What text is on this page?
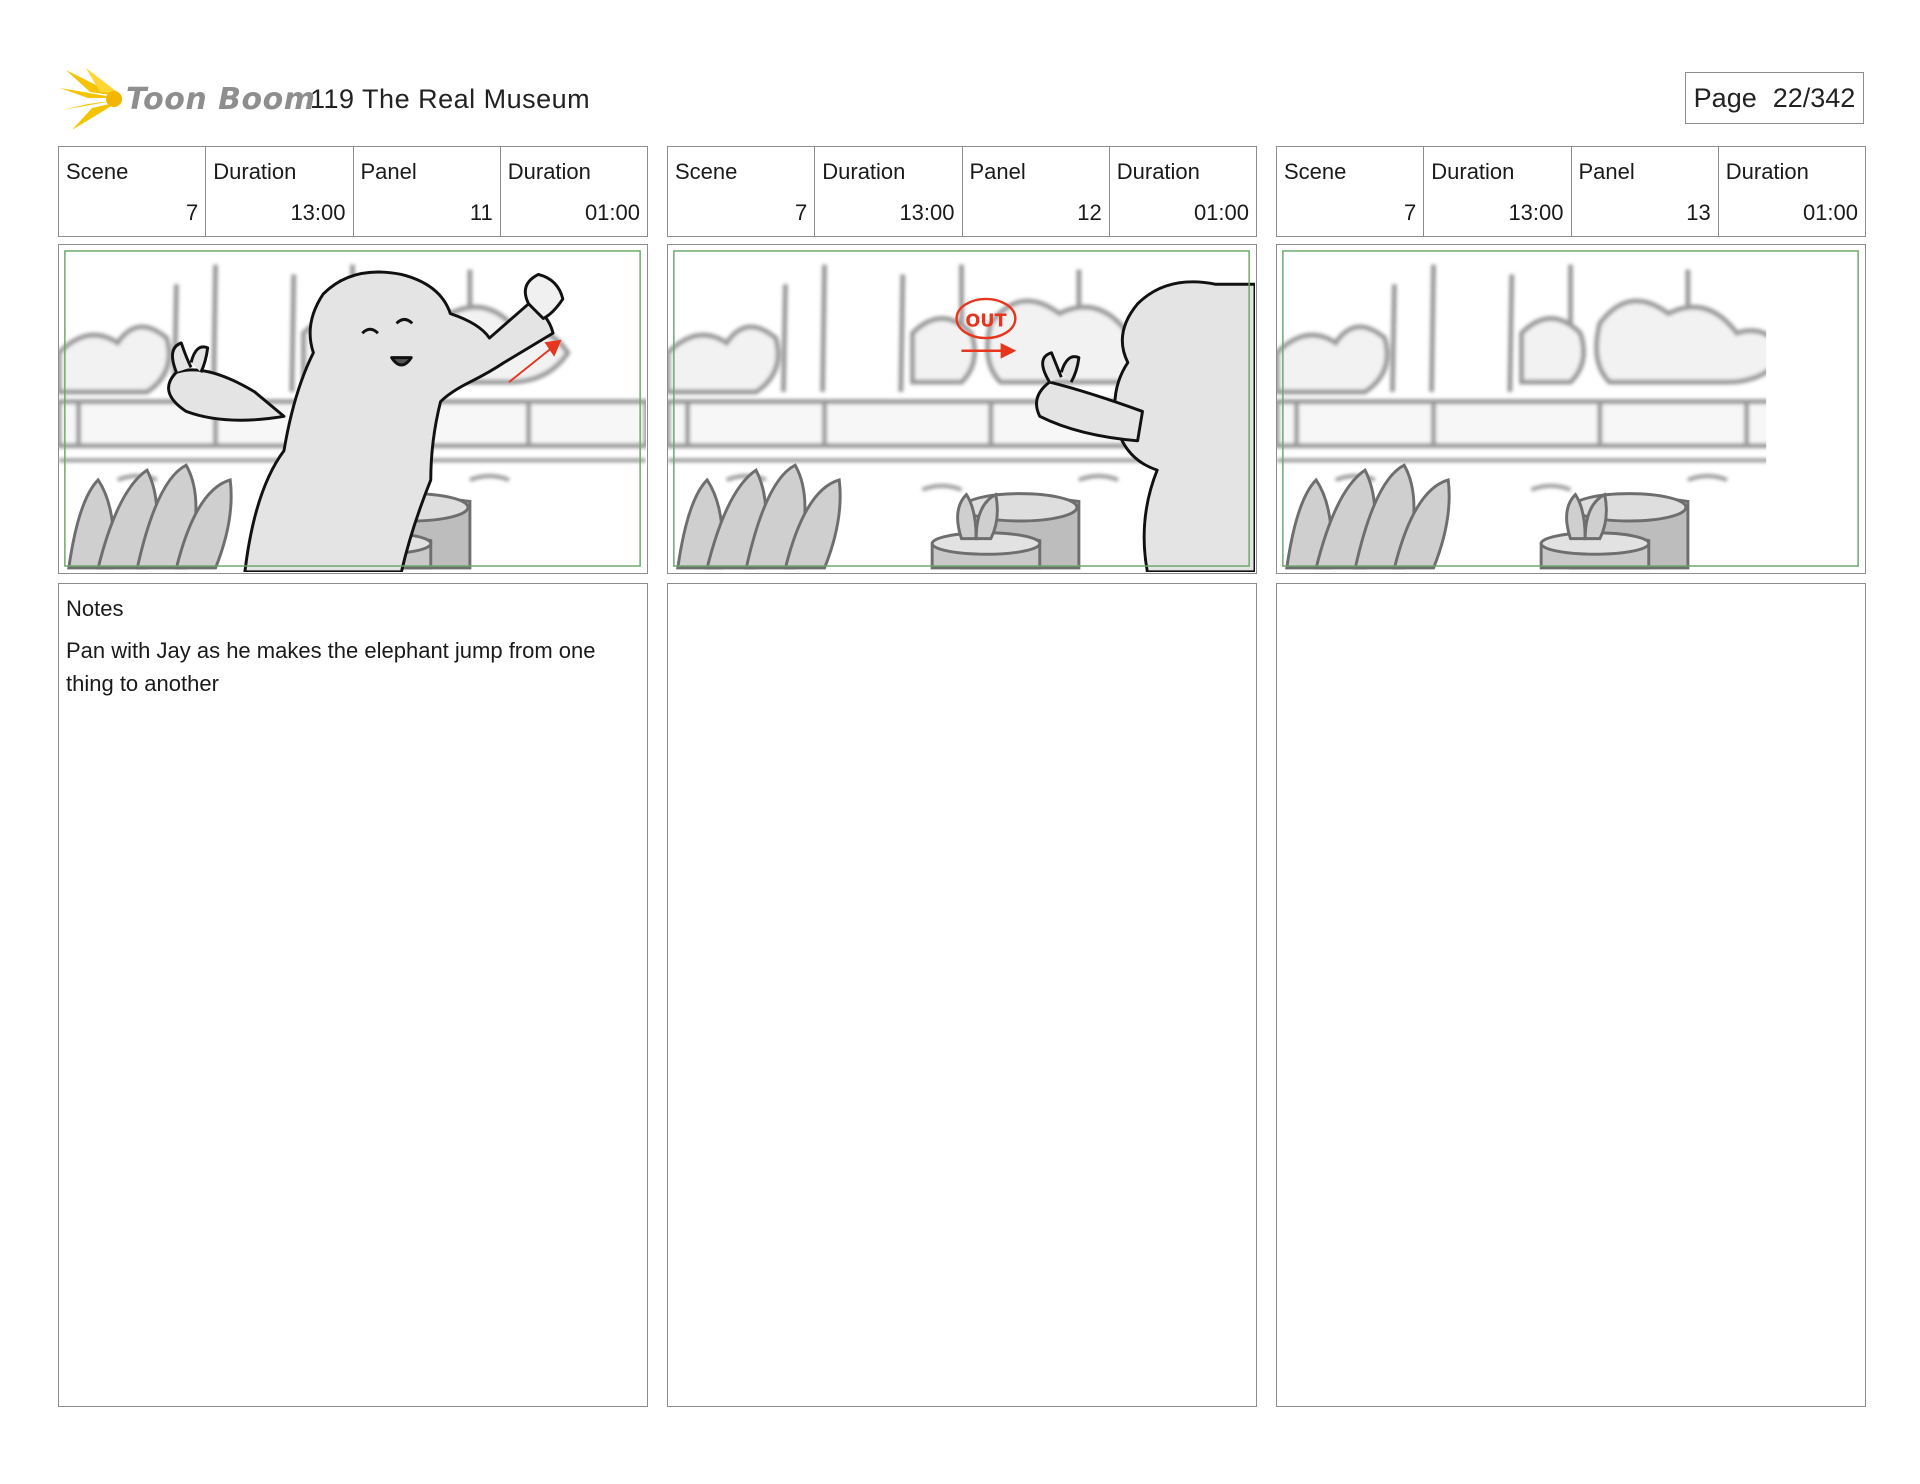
Toon Boom
119 The Real Museum	Page 22/342
Scene
7
Duration
13:00
Panel
11
Duration
01:00
Notes
Pan with Jay as he makes the elephant jump from one thing to another
Scene
7
Duration
13:00
Panel
12
Duration
01:00
OUT
Scene
7
Duration
13:00
Panel
13
Duration
01:00
